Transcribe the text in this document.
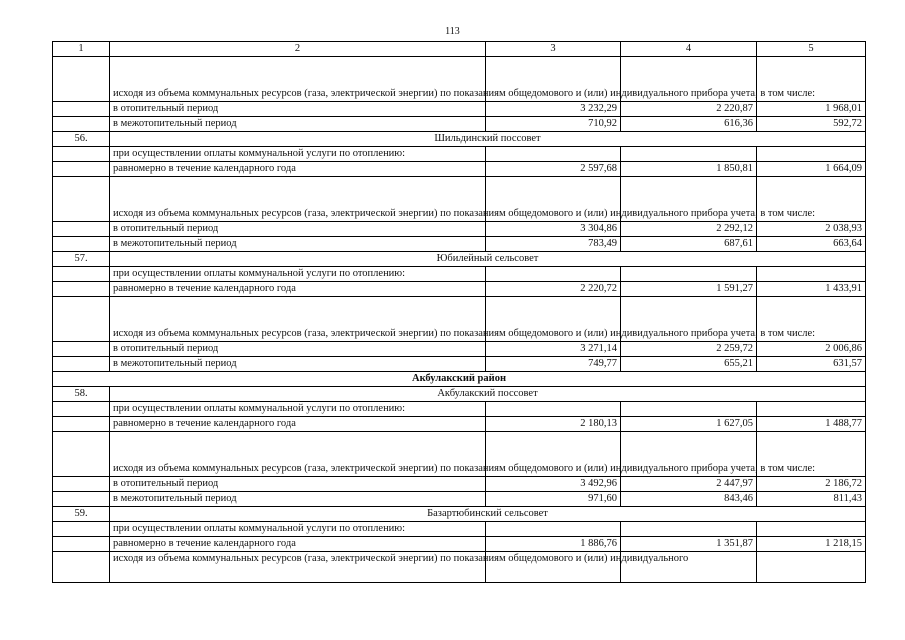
113
1	2	3	4	5
	исходя из объема коммунальных ресурсов (газа, электрической энергии) по показаниям общедомового и (или) индивидуального прибора учета, в том числе:			
	в отопительный период	3 232,29	2 220,87	1 968,01
	в межотопительный период	710,92	616,36	592,72
56.	Шильдинский поссовет			
	при осуществлении оплаты коммунальной услуги по отоплению:			
	равномерно в течение календарного года	2 597,68	1 850,81	1 664,09
	исходя из объема коммунальных ресурсов (газа, электрической энергии) по показаниям общедомового и (или) индивидуального прибора учета, в том числе:			
	в отопительный период	3 304,86	2 292,12	2 038,93
	в межотопительный период	783,49	687,61	663,64
57.	Юбилейный сельсовет			
	при осуществлении оплаты коммунальной услуги по отоплению:			
	равномерно в течение календарного года	2 220,72	1 591,27	1 433,91
	исходя из объема коммунальных ресурсов (газа, электрической энергии) по показаниям общедомового и (или) индивидуального прибора учета, в том числе:			
	в отопительный период	3 271,14	2 259,72	2 006,86
	в межотопительный период	749,77	655,21	631,57
Акбулакский район				
58.	Акбулакский поссовет			
	при осуществлении оплаты коммунальной услуги по отоплению:			
	равномерно в течение календарного года	2 180,13	1 627,05	1 488,77
	исходя из объема коммунальных ресурсов (газа, электрической энергии) по показаниям общедомового и (или) индивидуального прибора учета, в том числе:			
	в отопительный период	3 492,96	2 447,97	2 186,72
	в межотопительный период	971,60	843,46	811,43
59.	Базартюбинский сельсовет			
	при осуществлении оплаты коммунальной услуги по отоплению:			
	равномерно в течение календарного года	1 886,76	1 351,87	1 218,15
	исходя из объема коммунальных ресурсов (газа, электрической энергии) по показаниям общедомового и (или) индивидуального			
